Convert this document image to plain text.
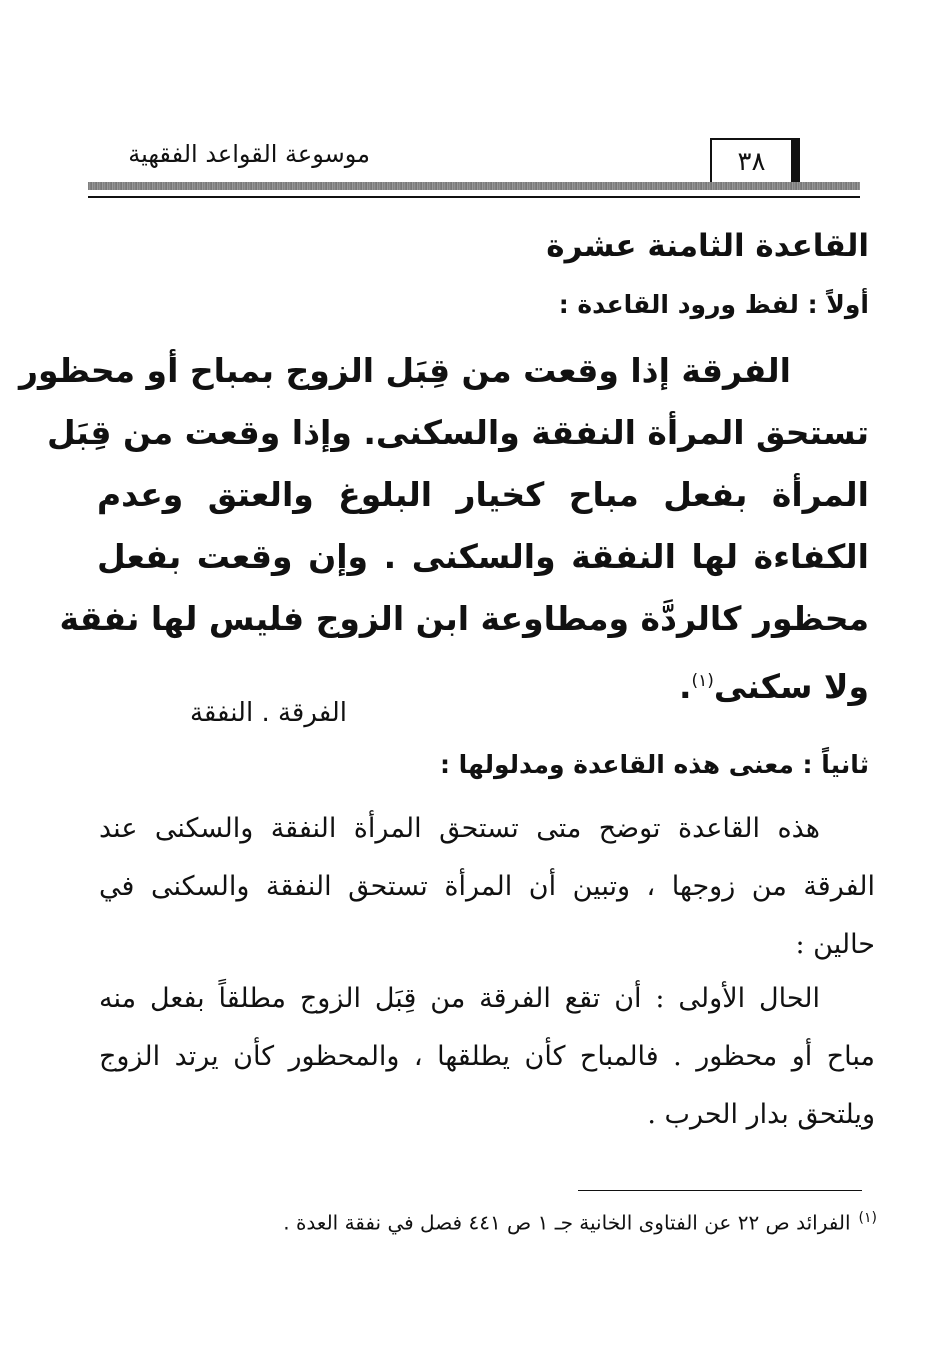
٣٨
موسوعة القواعد الفقهية
القاعدة الثامنة عشرة
أولاً : لفظ ورود القاعدة :
الفرقة إذا وقعت من قِبَل الزوج بمباح أو محظور
تستحق المرأة النفقة والسكنى. وإذا وقعت من قِبَل
المرأة بفعل مباح كخيار البلوغ والعتق وعدم
الكفاءة لها النفقة والسكنى . وإن وقعت بفعل
محظور كالردَّة ومطاوعة ابن الزوج فليس لها نفقة
ولا سكنى$^{(١)}$.
الفرقة . النفقة
ثانياً : معنى هذه القاعدة ومدلولها :
هذه القاعدة توضح متى تستحق المرأة النفقة والسكنى عند
الفرقة من زوجها ، وتبين أن المرأة تستحق النفقة والسكنى في
حالين :
الحال الأولى : أن تقع الفرقة من قِبَل الزوج مطلقاً بفعل منه
مباح أو محظور . فالمباح كأن يطلقها ، والمحظور كأن يرتد الزوج
ويلتحق بدار الحرب .
$^{(١)}$الفرائد ص ٢٢ عن الفتاوى الخانية جـ ١ ص ٤٤١ فصل في نفقة العدة .
